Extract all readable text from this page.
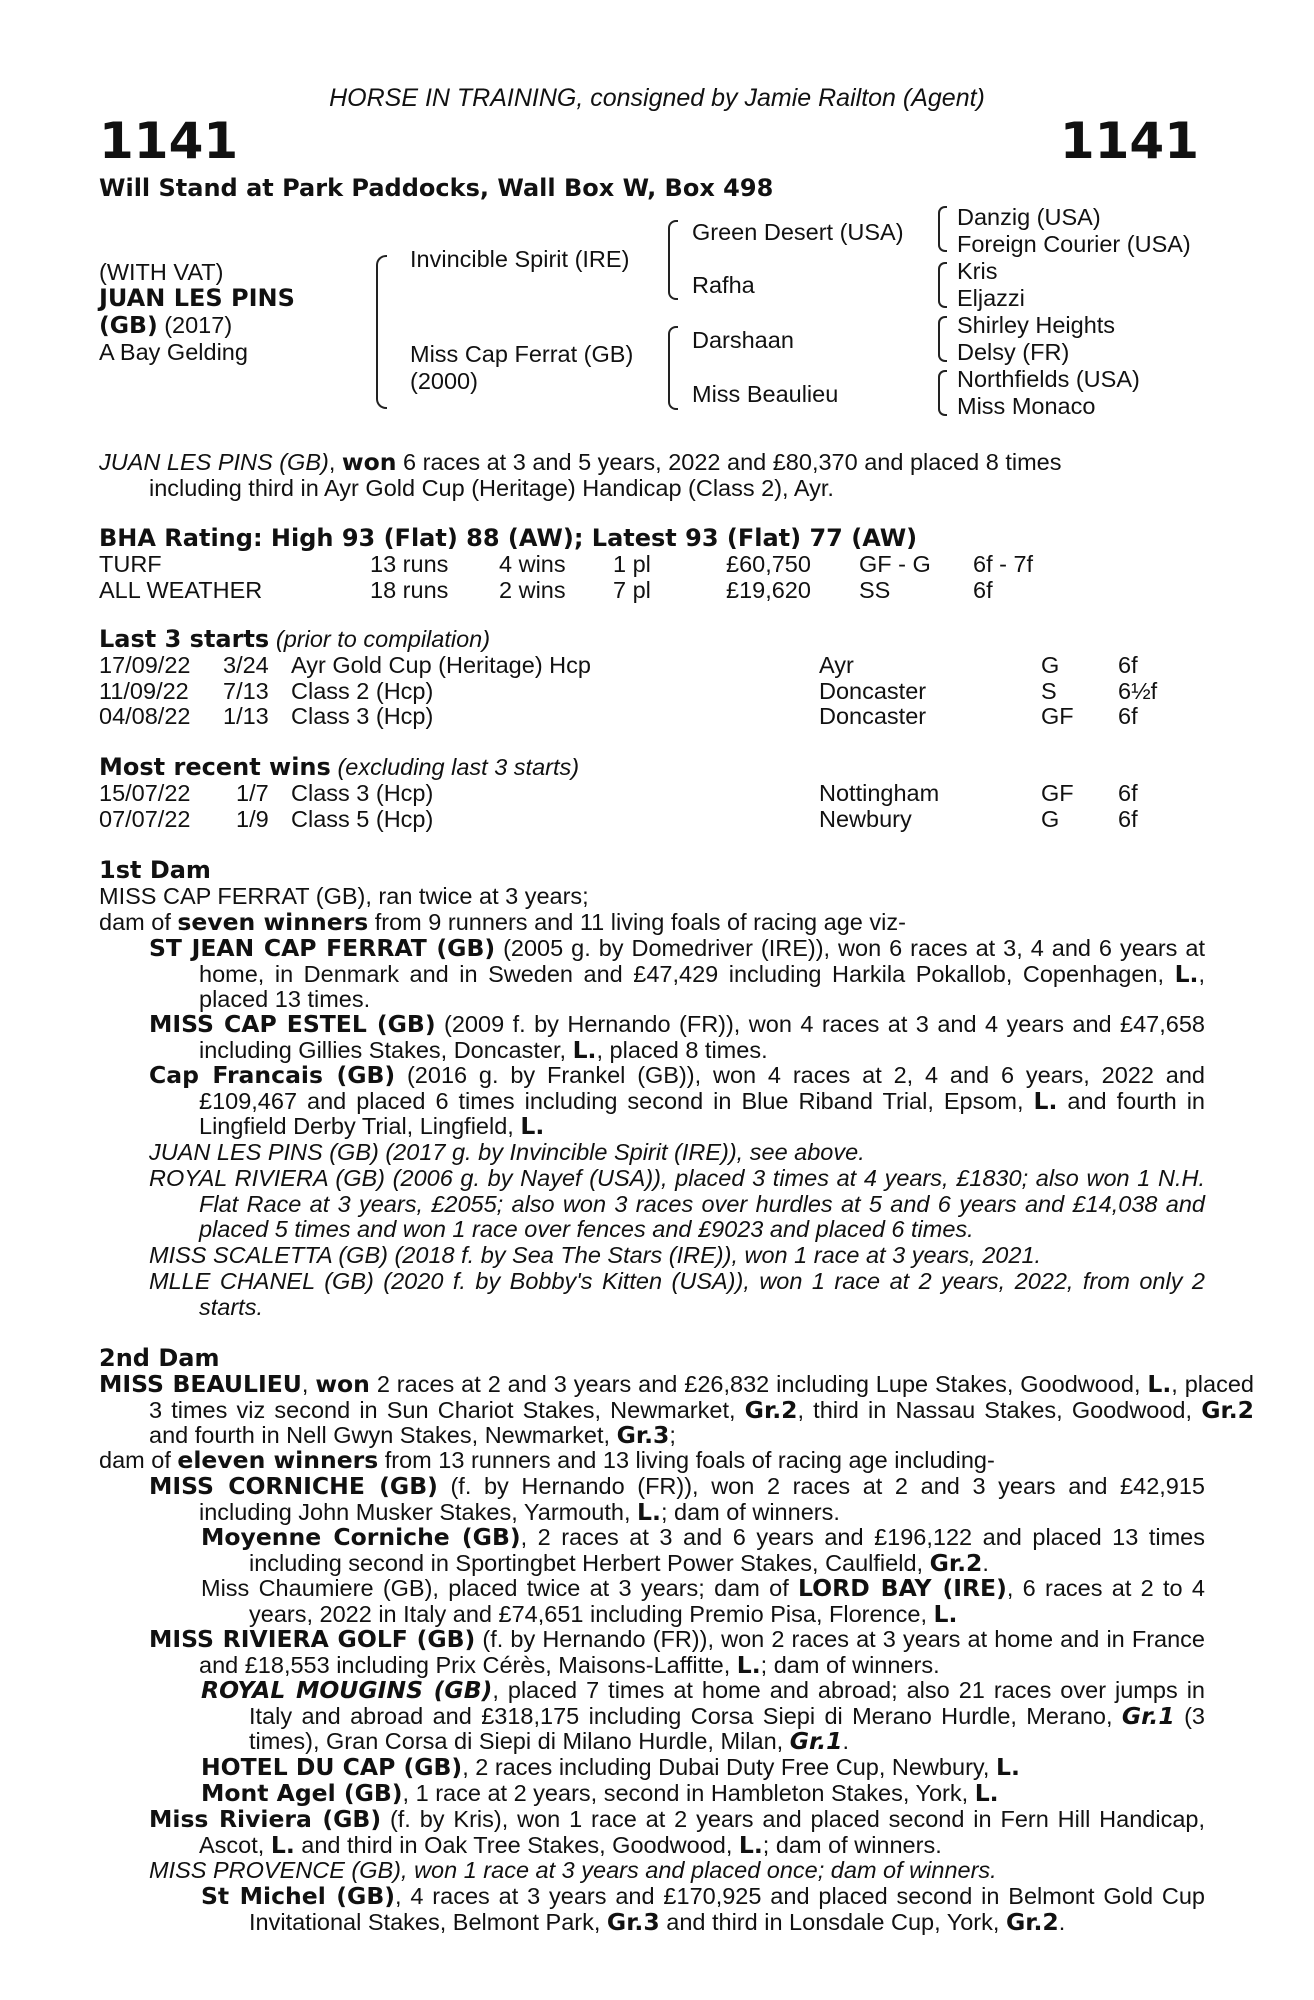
HORSE IN TRAINING, consigned by Jamie Railton (Agent)
1141	1141
Will Stand at Park Paddocks, Wall Box W, Box 498
(WITH VAT)
JUAN LES PINS
(GB) (2017)
A Bay Gelding
Invincible Spirit (IRE)
Miss Cap Ferrat (GB)
(2000)
Green Desert (USA)
Rafha
Darshaan
Miss Beaulieu
Danzig (USA)
Foreign Courier (USA)
Kris
Eljazzi
Shirley Heights
Delsy (FR)
Northfields (USA)
Miss Monaco
JUAN LES PINS (GB), won 6 races at 3 and 5 years, 2022 and £80,370 and placed 8 times
including third in Ayr Gold Cup (Heritage) Handicap (Class 2), Ayr.
BHA Rating: High 93 (Flat) 88 (AW); Latest 93 (Flat) 77 (AW)
TURF	13 runs 4 wins 1 pl	£60,750 GF - G 6f - 7f
ALL WEATHER	18 runs 2 wins 7 pl	£19,620 SS	6f
Last 3 starts (prior to compilation)
17/09/22 3/24 Ayr Gold Cup (Heritage) Hcp	Ayr	G 6f
11/09/22 7/13 Class 2 (Hcp)	Doncaster	S	6½f
04/08/22 1/13 Class 3 (Hcp)	Doncaster	GF 6f
Most recent wins (excluding last 3 starts)
15/07/22 1/7 Class 3 (Hcp)	Nottingham	GF 6f
07/07/22 1/9 Class 5 (Hcp)	Newbury	G 6f
1st Dam
MISS CAP FERRAT (GB), ran twice at 3 years;
dam of seven winners from 9 runners and 11 living foals of racing age viz-
ST JEAN CAP FERRAT (GB) (2005 g. by Domedriver (IRE)), won 6 races at 3, 4 and 6 years at home, in Denmark and in Sweden and £47,429 including Harkila Pokallob, Copenhagen, L., placed 13 times.
MISS CAP ESTEL (GB) (2009 f. by Hernando (FR)), won 4 races at 3 and 4 years and £47,658 including Gillies Stakes, Doncaster, L., placed 8 times.
Cap Francais (GB) (2016 g. by Frankel (GB)), won 4 races at 2, 4 and 6 years, 2022 and £109,467 and placed 6 times including second in Blue Riband Trial, Epsom, L. and fourth in Lingfield Derby Trial, Lingfield, L.
JUAN LES PINS (GB) (2017 g. by Invincible Spirit (IRE)), see above.
ROYAL RIVIERA (GB) (2006 g. by Nayef (USA)), placed 3 times at 4 years, £1830; also won 1 N.H. Flat Race at 3 years, £2055; also won 3 races over hurdles at 5 and 6 years and £14,038 and placed 5 times and won 1 race over fences and £9023 and placed 6 times.
MISS SCALETTA (GB) (2018 f. by Sea The Stars (IRE)), won 1 race at 3 years, 2021.
MLLE CHANEL (GB) (2020 f. by Bobby's Kitten (USA)), won 1 race at 2 years, 2022, from only 2 starts.
2nd Dam
MISS BEAULIEU, won 2 races at 2 and 3 years and £26,832 including Lupe Stakes, Goodwood, L., placed 3 times viz second in Sun Chariot Stakes, Newmarket, Gr.2, third in Nassau Stakes, Goodwood, Gr.2 and fourth in Nell Gwyn Stakes, Newmarket, Gr.3;
dam of eleven winners from 13 runners and 13 living foals of racing age including-
MISS CORNICHE (GB) (f. by Hernando (FR)), won 2 races at 2 and 3 years and £42,915 including John Musker Stakes, Yarmouth, L.; dam of winners.
Moyenne Corniche (GB), 2 races at 3 and 6 years and £196,122 and placed 13 times including second in Sportingbet Herbert Power Stakes, Caulfield, Gr.2.
Miss Chaumiere (GB), placed twice at 3 years; dam of LORD BAY (IRE), 6 races at 2 to 4 years, 2022 in Italy and £74,651 including Premio Pisa, Florence, L.
MISS RIVIERA GOLF (GB) (f. by Hernando (FR)), won 2 races at 3 years at home and in France and £18,553 including Prix Cérès, Maisons-Laffitte, L.; dam of winners.
ROYAL MOUGINS (GB), placed 7 times at home and abroad; also 21 races over jumps in Italy and abroad and £318,175 including Corsa Siepi di Merano Hurdle, Merano, Gr.1 (3 times), Gran Corsa di Siepi di Milano Hurdle, Milan, Gr.1.
HOTEL DU CAP (GB), 2 races including Dubai Duty Free Cup, Newbury, L.
Mont Agel (GB), 1 race at 2 years, second in Hambleton Stakes, York, L.
Miss Riviera (GB) (f. by Kris), won 1 race at 2 years and placed second in Fern Hill Handicap, Ascot, L. and third in Oak Tree Stakes, Goodwood, L.; dam of winners.
MISS PROVENCE (GB), won 1 race at 3 years and placed once; dam of winners.
St Michel (GB), 4 races at 3 years and £170,925 and placed second in Belmont Gold Cup Invitational Stakes, Belmont Park, Gr.3 and third in Lonsdale Cup, York, Gr.2.
